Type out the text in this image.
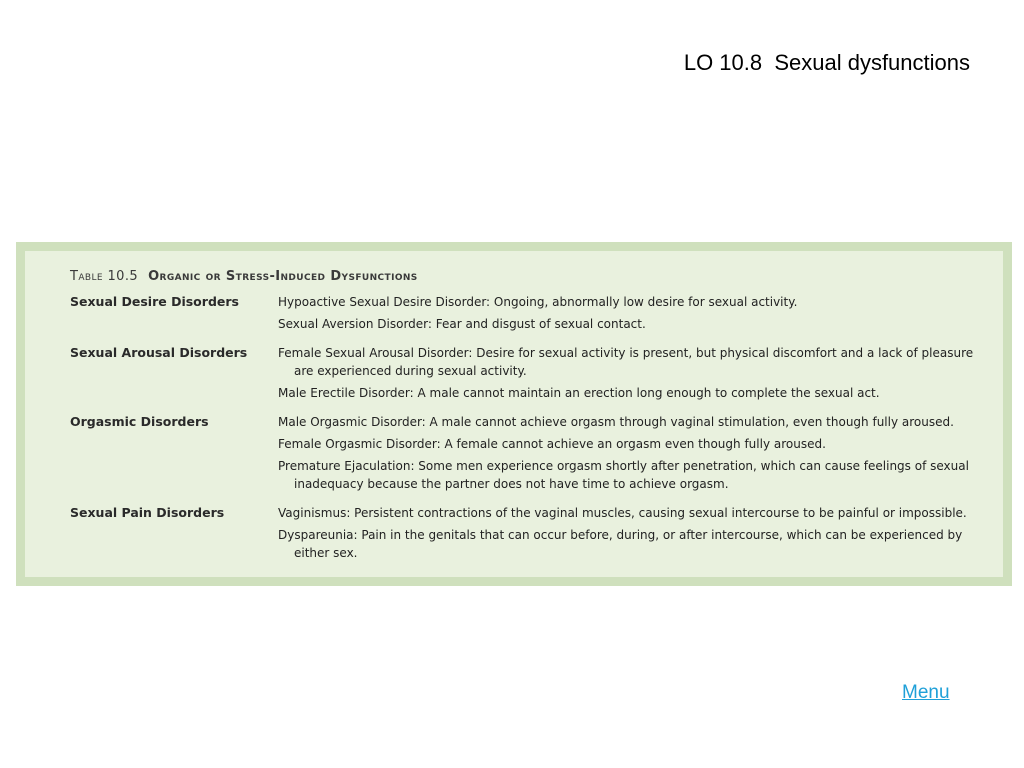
LO 10.8  Sexual dysfunctions
Table 10.5 Organic or Stress-Induced Dysfunctions
Sexual Desire Disorders	Hypoactive Sexual Desire Disorder: Ongoing, abnormally low desire for sexual activity.
Sexual Aversion Disorder: Fear and disgust of sexual contact.
Sexual Arousal Disorders	Female Sexual Arousal Disorder: Desire for sexual activity is present, but physical discomfort and a lack of pleasure are experienced during sexual activity.
Male Erectile Disorder: A male cannot maintain an erection long enough to complete the sexual act.
Orgasmic Disorders	Male Orgasmic Disorder: A male cannot achieve orgasm through vaginal stimulation, even though fully aroused.
Female Orgasmic Disorder: A female cannot achieve an orgasm even though fully aroused.
Premature Ejaculation: Some men experience orgasm shortly after penetration, which can cause feelings of sexual inadequacy because the partner does not have time to achieve orgasm.
Sexual Pain Disorders	Vaginismus: Persistent contractions of the vaginal muscles, causing sexual intercourse to be painful or impossible.
Dyspareunia: Pain in the genitals that can occur before, during, or after intercourse, which can be experienced by either sex.
Menu
